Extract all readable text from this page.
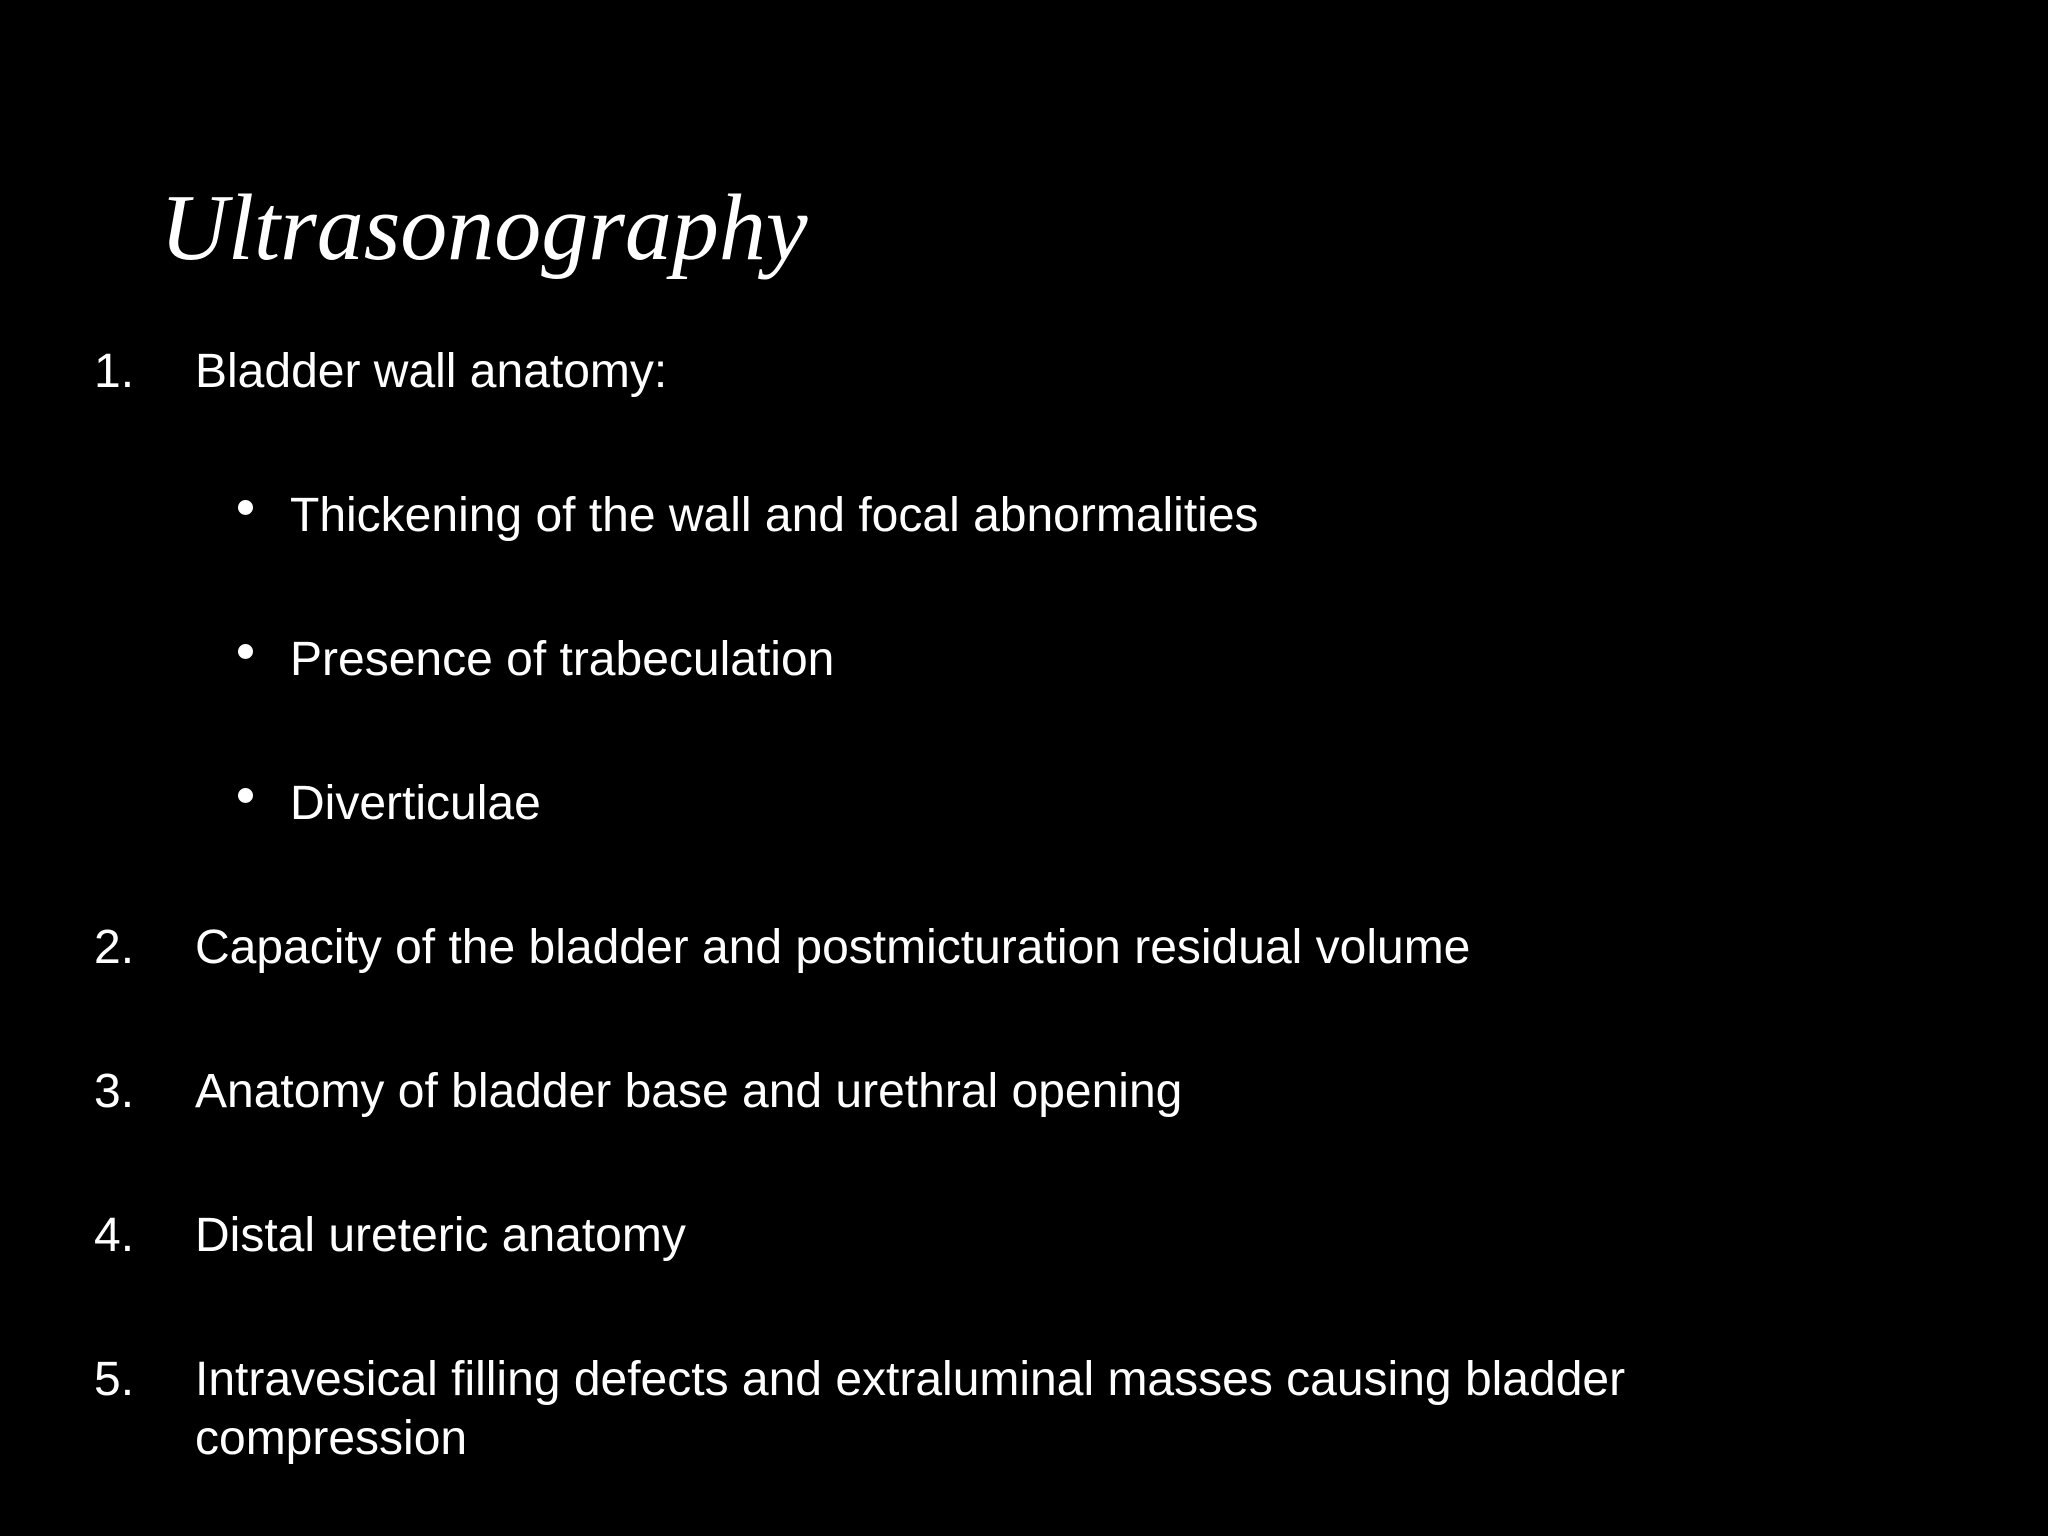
Ultrasonography
1. Bladder wall anatomy:
Thickening of the wall and focal abnormalities
Presence of trabeculation
Diverticulae
2. Capacity of the bladder and postmicturation residual volume
3. Anatomy of bladder base and urethral opening
4. Distal ureteric anatomy
5. Intravesical filling defects and extraluminal masses causing bladder
compression
